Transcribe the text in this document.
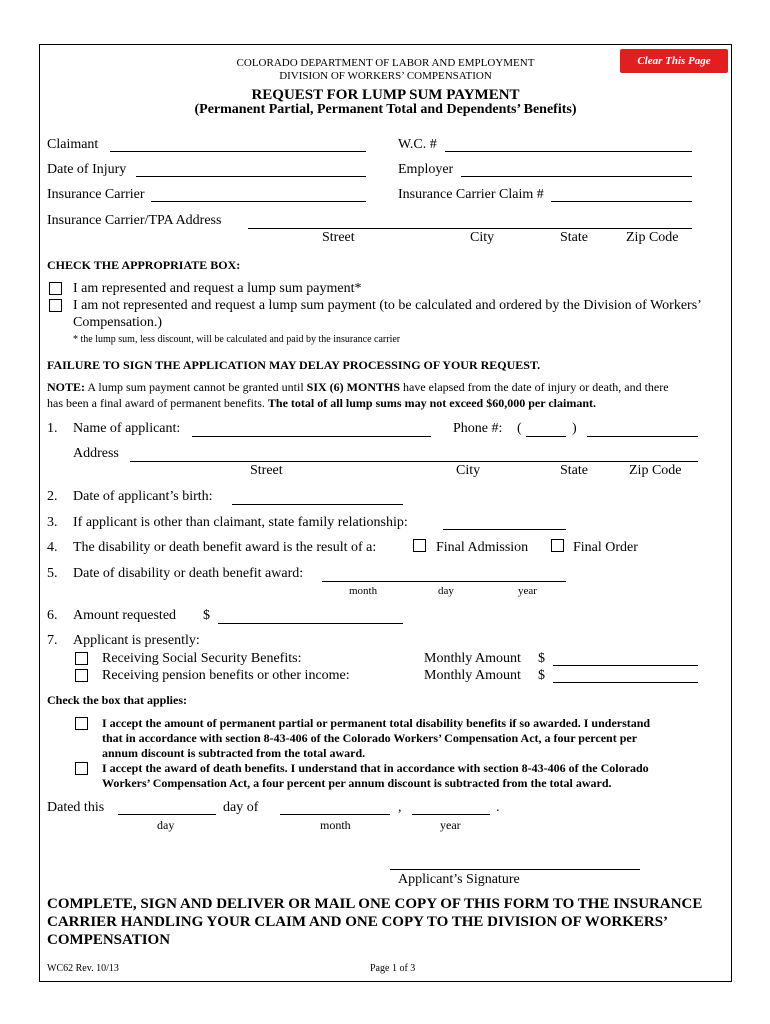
Clear This Page
COLORADO DEPARTMENT OF LABOR AND EMPLOYMENT
DIVISION OF WORKERS’ COMPENSATION
REQUEST FOR LUMP SUM PAYMENT
(Permanent Partial, Permanent Total and Dependents’ Benefits)
Claimant	W.C. #
Date of Injury	Employer
Insurance Carrier	Insurance Carrier Claim #
Insurance Carrier/TPA Address
Street	City	State	Zip Code
CHECK THE APPROPRIATE BOX:
I am represented and request a lump sum payment*
I am not represented and request a lump sum payment (to be calculated and ordered by the Division of Workers’
Compensation.)
* the lump sum, less discount, will be calculated and paid by the insurance carrier
FAILURE TO SIGN THE APPLICATION MAY DELAY PROCESSING OF YOUR REQUEST.
NOTE: A lump sum payment cannot be granted until SIX (6) MONTHS have elapsed from the date of injury or death, and there
has been a final award of permanent benefits. The total of all lump sums may not exceed $60,000 per claimant.
1. Name of applicant:	Phone #: (	)
Address
Street	City	State	Zip Code
2. Date of applicant’s birth:
3. If applicant is other than claimant, state family relationship:
4. The disability or death benefit award is the result of a:	Final Admission	Final Order
5. Date of disability or death benefit award:
month	day	year
6. Amount requested $
7. Applicant is presently:
Receiving Social Security Benefits:	Monthly Amount $
Receiving pension benefits or other income:	Monthly Amount $
Check the box that applies:
I accept the amount of permanent partial or permanent total disability benefits if so awarded. I understand
that in accordance with section 8-43-406 of the Colorado Workers’ Compensation Act, a four percent per
annum discount is subtracted from the total award.
I accept the award of death benefits. I understand that in accordance with section 8-43-406 of the Colorado
Workers’ Compensation Act, a four percent per annum discount is subtracted from the total award.
Dated this	day of	,	.
day	month	year
Applicant’s Signature
COMPLETE, SIGN AND DELIVER OR MAIL ONE COPY OF THIS FORM TO THE INSURANCE
CARRIER HANDLING YOUR CLAIM AND ONE COPY TO THE DIVISION OF WORKERS’
COMPENSATION
WC62 Rev. 10/13	Page 1 of 3
